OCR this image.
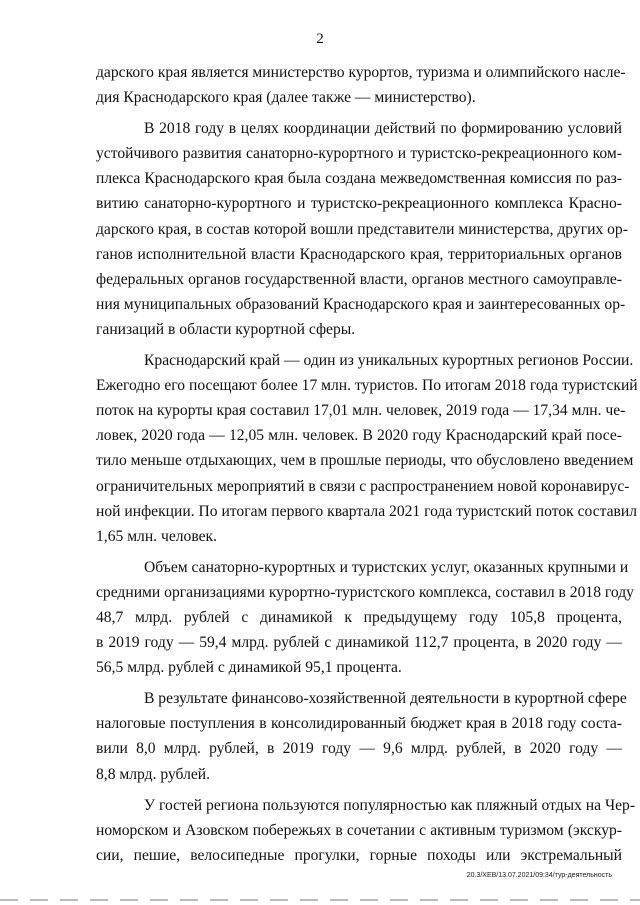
2

дарского края является министерство курортов, туризма и олимпийского насле-
дия Краснодарского края (далее также — министерство).

В 2018 году в целях координации действий по формированию условий
устойчивого развития санаторно-курортного и туристско-рекреационного ком-
плекса Краснодарского края была создана межведомственная комиссия по раз-
витию санаторно-курортного и туристско-рекреационного комплекса Красно-
дарского края, в состав которой вошли представители министерства, других ор-
ганов исполнительной власти Краснодарского края, территориальных органов
федеральных органов государственной власти, органов местного самоуправле-
ния муниципальных образований Краснодарского края и заинтересованных ор-
ганизаций в области курортной сферы.

Краснодарский край — один из уникальных курортных регионов России.
Ежегодно его посещают более 17 млн. туристов. По итогам 2018 года туристский
поток на курорты края составил 17,01 млн. человек, 2019 года — 17,34 млн. че-
ловек, 2020 года — 12,05 млн. человек. В 2020 году Краснодарский край посе-
тило меньше отдыхающих, чем в прошлые периоды, что обусловлено введением
ограничительных мероприятий в связи с распространением новой коронавирус-
ной инфекции. По итогам первого квартала 2021 года туристский поток составил
1,65 млн. человек.

Объем санаторно-курортных и туристских услуг, оказанных крупными и
средними организациями курортно-туристского комплекса, составил в 2018 году
48,7 млрд. рублей с динамикой к предыдущему году 105,8 процента,
в 2019 году — 59,4 млрд. рублей с динамикой 112,7 процента, в 2020 году —
56,5 млрд. рублей с динамикой 95,1 процента.

В результате финансово-хозяйственной деятельности в курортной сфере
налоговые поступления в консолидированный бюджет края в 2018 году соста-
вили 8,0 млрд. рублей, в 2019 году — 9,6 млрд. рублей, в 2020 году —
8,8 млрд. рублей.

У гостей региона пользуются популярностью как пляжный отдых на Чер-
номорском и Азовском побережьях в сочетании с активным туризмом (экскур-
сии, пешие, велосипедные прогулки, горные походы или экстремальный

20.3/ХЕВ/13.07.2021/09:34/тур-деятельность
